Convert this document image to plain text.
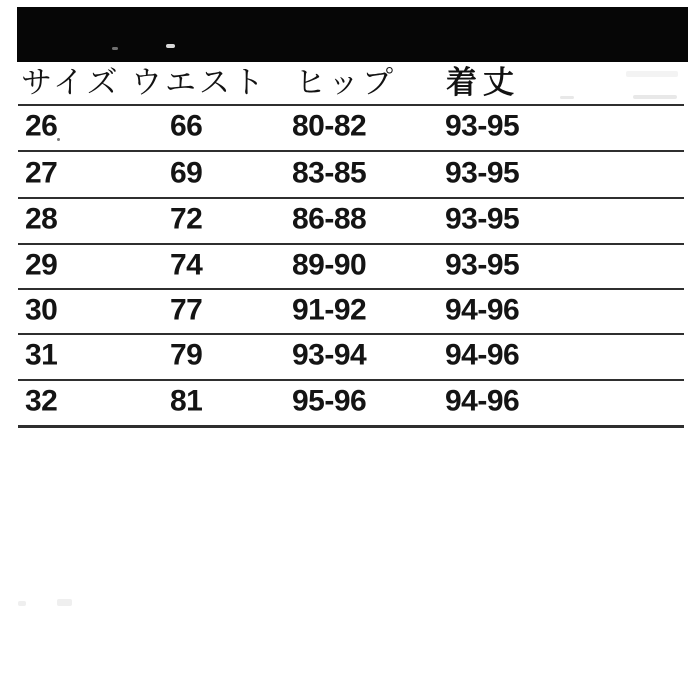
サイズ ウエスト ヒップ 着丈
26	66	80-82	93-95
27	69	83-85	93-95
28	72	86-88	93-95
29	74	89-90	93-95
30	77	91-92	94-96
31	79	93-94	94-96
32	81	95-96	94-96
